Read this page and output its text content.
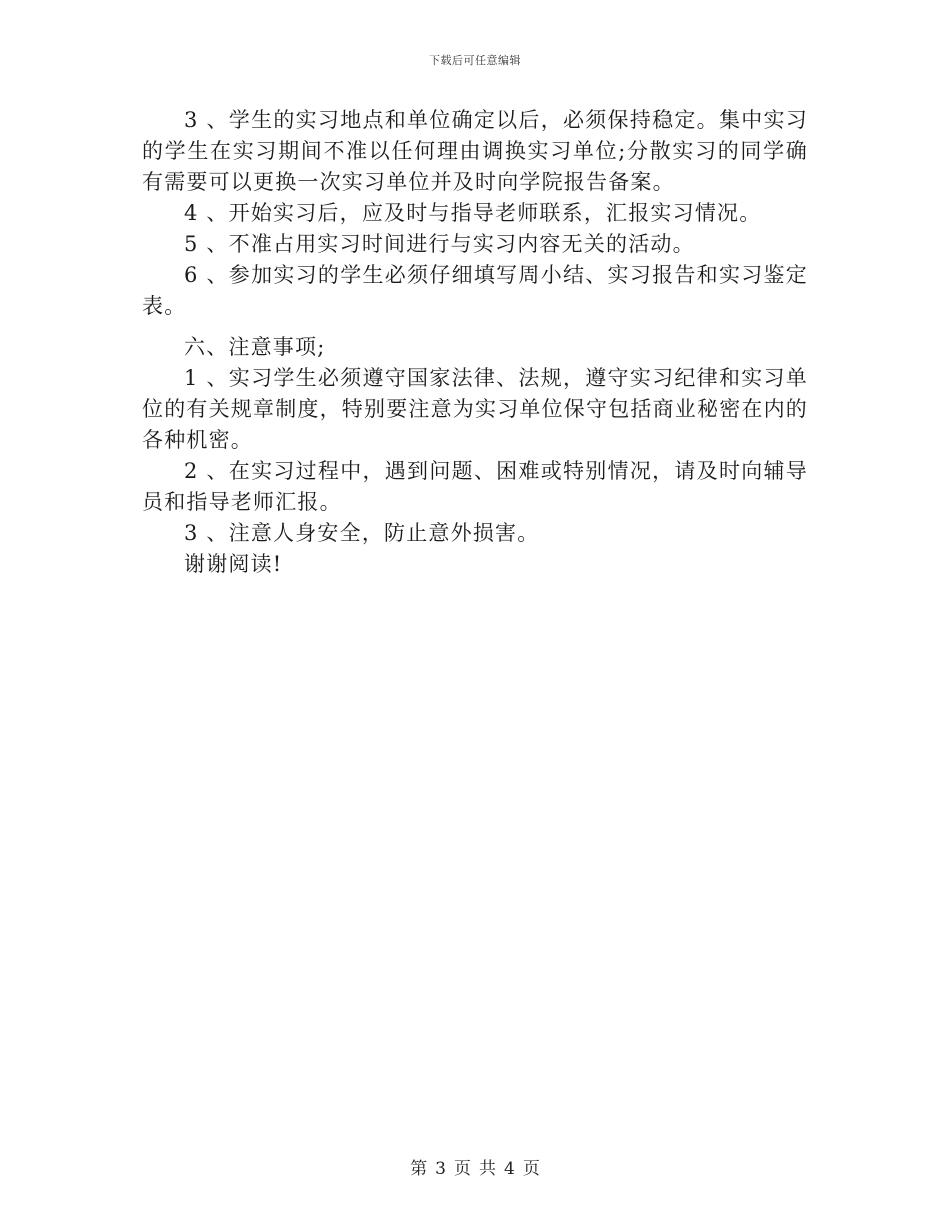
下载后可任意编辑

3 、学生的实习地点和单位确定以后，必须保持稳定。集中实习的学生在实习期间不准以任何理由调换实习单位;分散实习的同学确有需要可以更换一次实习单位并及时向学院报告备案。

4 、开始实习后，应及时与指导老师联系，汇报实习情况。

5 、不准占用实习时间进行与实习内容无关的活动。

6 、参加实习的学生必须仔细填写周小结、实习报告和实习鉴定表。

六、注意事项;

1 、实习学生必须遵守国家法律、法规，遵守实习纪律和实习单位的有关规章制度，特别要注意为实习单位保守包括商业秘密在内的各种机密。

2 、在实习过程中，遇到问题、困难或特别情况，请及时向辅导员和指导老师汇报。

3 、注意人身安全，防止意外损害。

谢谢阅读!

第 3 页 共 4 页
